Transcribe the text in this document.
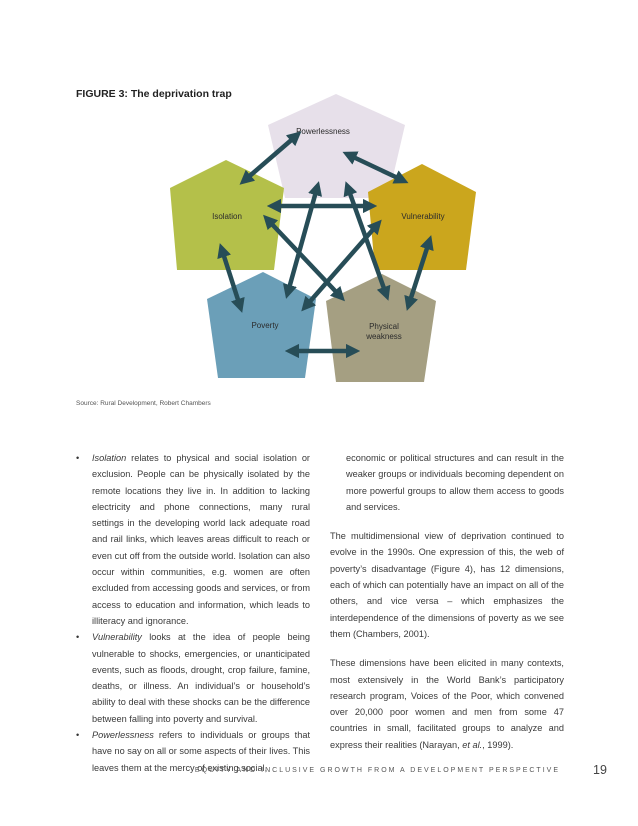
FIGURE 3: The deprivation trap
Powerlessness
Isolation	Vulnerability
Poverty	Physical
weakness
Source: Rural Development, Robert Chambers
• Isolation relates to physical and social isolation or exclusion. People can be physically isolated by the remote locations they live in. In addition to lacking electricity and phone connections, many rural settings in the developing world lack adequate road and rail links, which leaves areas difficult to reach or even cut off from the outside world. Isolation can also occur within communities, e.g. women are often excluded from accessing goods and services, or from access to education and information, which leads to illiteracy and ignorance.
• Vulnerability looks at the idea of people being vulnerable to shocks, emergencies, or unanticipated events, such as floods, drought, crop failure, famine, deaths, or illness. An individual’s or household’s ability to deal with these shocks can be the difference between falling into poverty and survival.
• Powerlessness refers to individuals or groups that have no say on all or some aspects of their lives. This leaves them at the mercy of existing social,

economic or political structures and can result in the weaker groups or individuals becoming dependent on more powerful groups to allow them access to goods and services.

The multidimensional view of deprivation continued to evolve in the 1990s. One expression of this, the web of poverty’s disadvantage (Figure 4), has 12 dimensions, each of which can potentially have an impact on all of the others, and vice versa – which emphasizes the interdependence of the dimensions of poverty as we see them (Chambers, 2001).

These dimensions have been elicited in many contexts, most extensively in the World Bank’s participatory research program, Voices of the Poor, which convened over 20,000 poor women and men from some 47 countries in small, facilitated groups to analyze and express their realities (Narayan, et al., 1999).

EQUITY AND INCLUSIVE GROWTH FROM A DEVELOPMENT PERSPECTIVE	19
